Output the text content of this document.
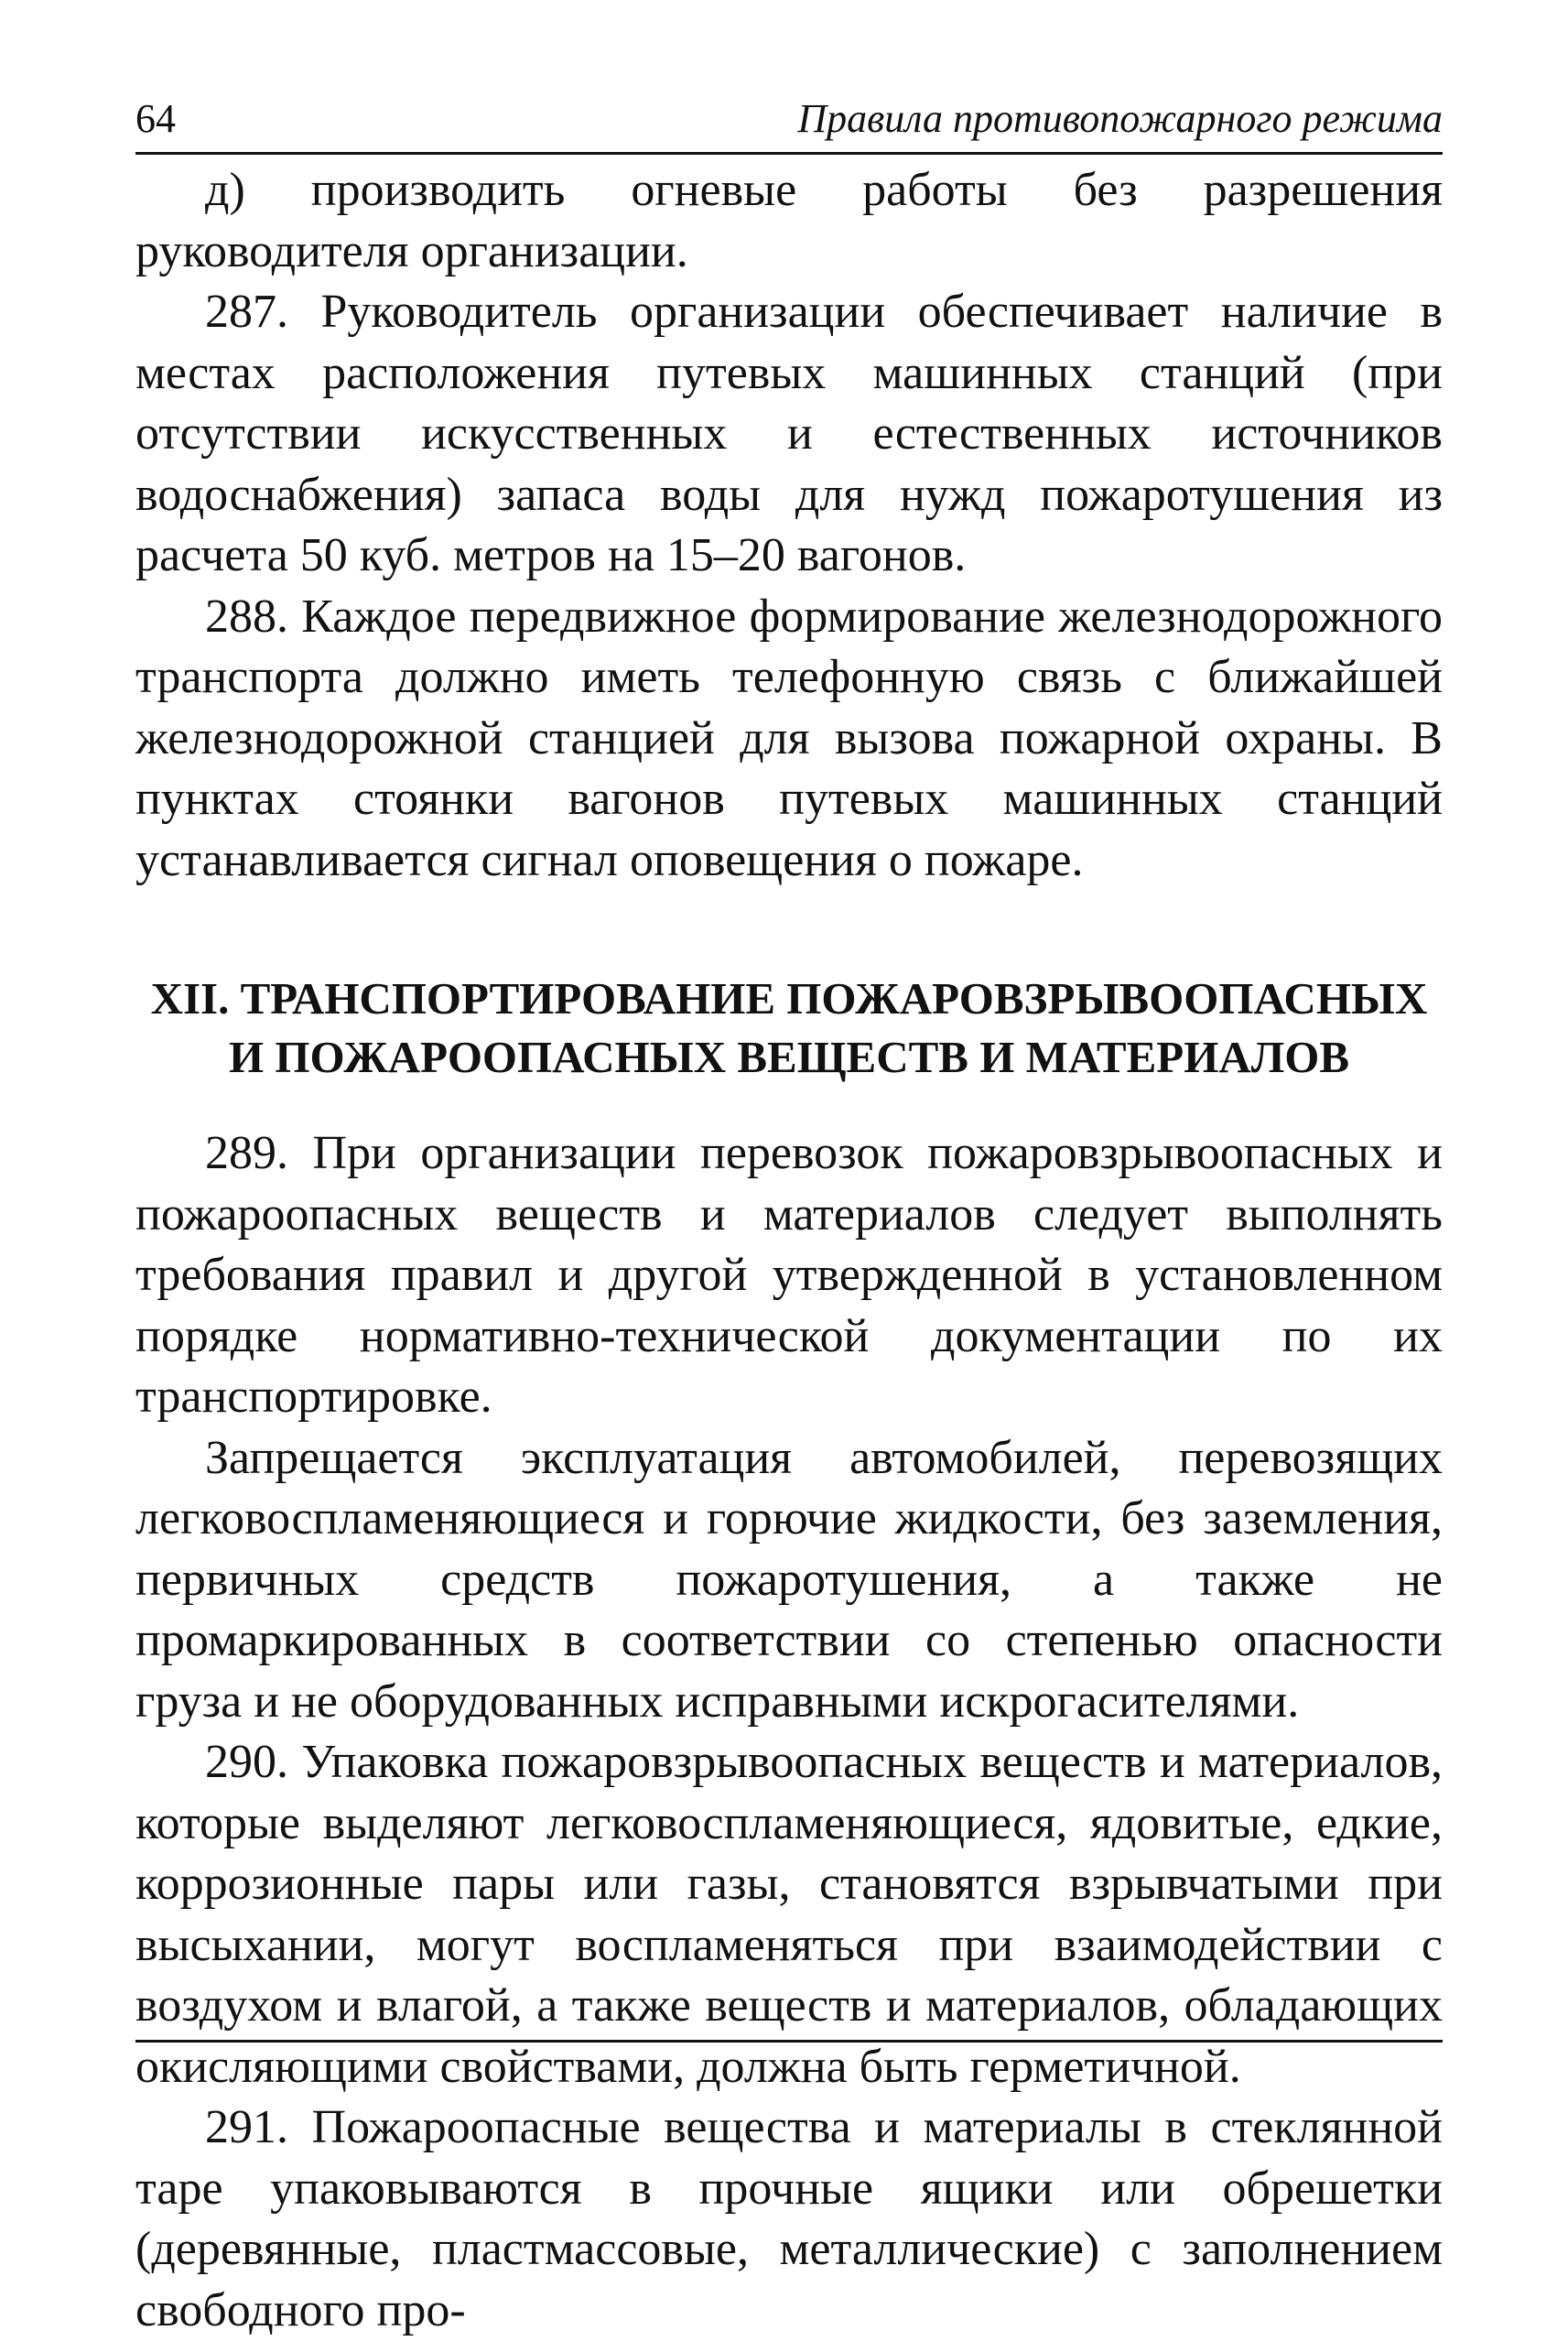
64	Правила противопожарного режима

д) производить огневые работы без разрешения руководителя организации.

287. Руководитель организации обеспечивает наличие в местах расположения путевых машинных станций (при отсутствии искусственных и естественных источников водоснабжения) запаса воды для нужд пожаротушения из расчета 50 куб. метров на 15–20 вагонов.

288. Каждое передвижное формирование железнодорожного транспорта должно иметь телефонную связь с ближайшей железнодорожной станцией для вызова пожарной охраны. В пунктах стоянки вагонов путевых машинных станций устанавливается сигнал оповещения о пожаре.

XII. ТРАНСПОРТИРОВАНИЕ ПОЖАРОВЗРЫВООПАСНЫХ
И ПОЖАРООПАСНЫХ ВЕЩЕСТВ И МАТЕРИАЛОВ

289. При организации перевозок пожаровзрывоопасных и пожароопасных веществ и материалов следует выполнять требования правил и другой утвержденной в установленном порядке нормативно-технической документации по их транспортировке.

Запрещается эксплуатация автомобилей, перевозящих легковоспламеняющиеся и горючие жидкости, без заземления, первичных средств пожаротушения, а также не промаркированных в соответствии со степенью опасности груза и не оборудованных исправными искрогасителями.

290. Упаковка пожаровзрывоопасных веществ и материалов, которые выделяют легковоспламеняющиеся, ядовитые, едкие, коррозионные пары или газы, становятся взрывчатыми при высыхании, могут воспламеняться при взаимодействии с воздухом и влагой, а также веществ и материалов, обладающих окисляющими свойствами, должна быть герметичной.

291. Пожароопасные вещества и материалы в стеклянной таре упаковываются в прочные ящики или обрешетки (деревянные, пластмассовые, металлические) с заполнением свободного про-
